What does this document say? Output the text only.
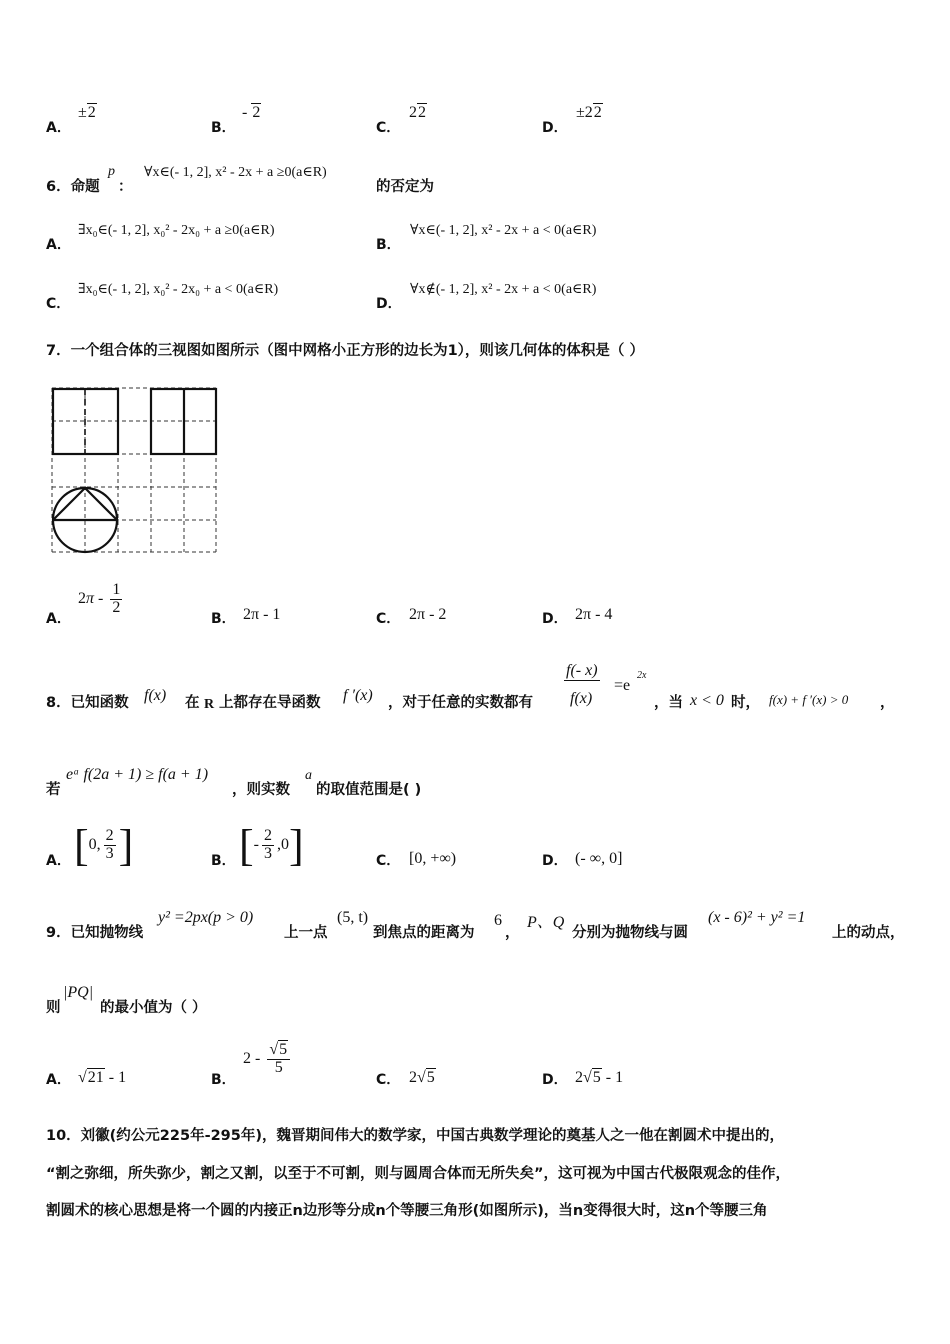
A．
±2
B．
- 2
C．
22
D．
±22
6．命题
p
：
∀x∈(- 1, 2], x² - 2x + a ≥0(a∈R)
的否定为
A．
∃x₀∈(- 1, 2], x₀² - 2x₀ + a ≥0(a∈R)
B．
∀x∈(- 1, 2], x² - 2x + a < 0(a∈R)
C．
∃x₀∈(- 1, 2], x₀² - 2x₀ + a < 0(a∈R)
D．
∀x∉(- 1, 2], x² - 2x + a < 0(a∈R)
7．一个组合体的三视图如图所示（图中网格小正方形的边长为1），则该几何体的体积是（ ）
A．
$2\pi - \frac{1}{2}$
B． 2π - 1	C． 2π - 2	D． 2π - 4
8．已知函数 f(x) 在 R 上都存在导函数 f ′(x) ，对于任意的实数都有
f(- x)
f(x)
=e
2x
，当 x < 0 时， f(x) + f ′(x) > 0 ，
若
eᵃ f(2a + 1) ≥ f(a + 1)
，则实数
a
的取值范围是( )
A． [0, $\frac{2}{3}$ ]	B． [- $\frac{2}{3} ,0$]	C． [0, +∞)	D． (- ∞, 0]
9．已知抛物线
y² =2px(p > 0)
上一点
(5, t)
到焦点的距离为
6
，
P、Q
分别为抛物线与圆
(x - 6)² + y² =1
上的动点，
则
|PQ|
的最小值为（ ）
A． √21 - 1	B．
$2 - \frac{√5}{5}$
C． 2√5	D． 2√5 - 1
10．刘徽(约公元225年-295年)，魏晋期间伟大的数学家，中国古典数学理论的奠基人之一他在割圆术中提出的，
“割之弥细，所失弥少，割之又割，以至于不可割，则与圆周合体而无所失矣”，这可视为中国古代极限观念的佳作，
割圆术的核心思想是将一个圆的内接正n边形等分成n个等腰三角形(如图所示)，当n变得很大时，这n个等腰三角
